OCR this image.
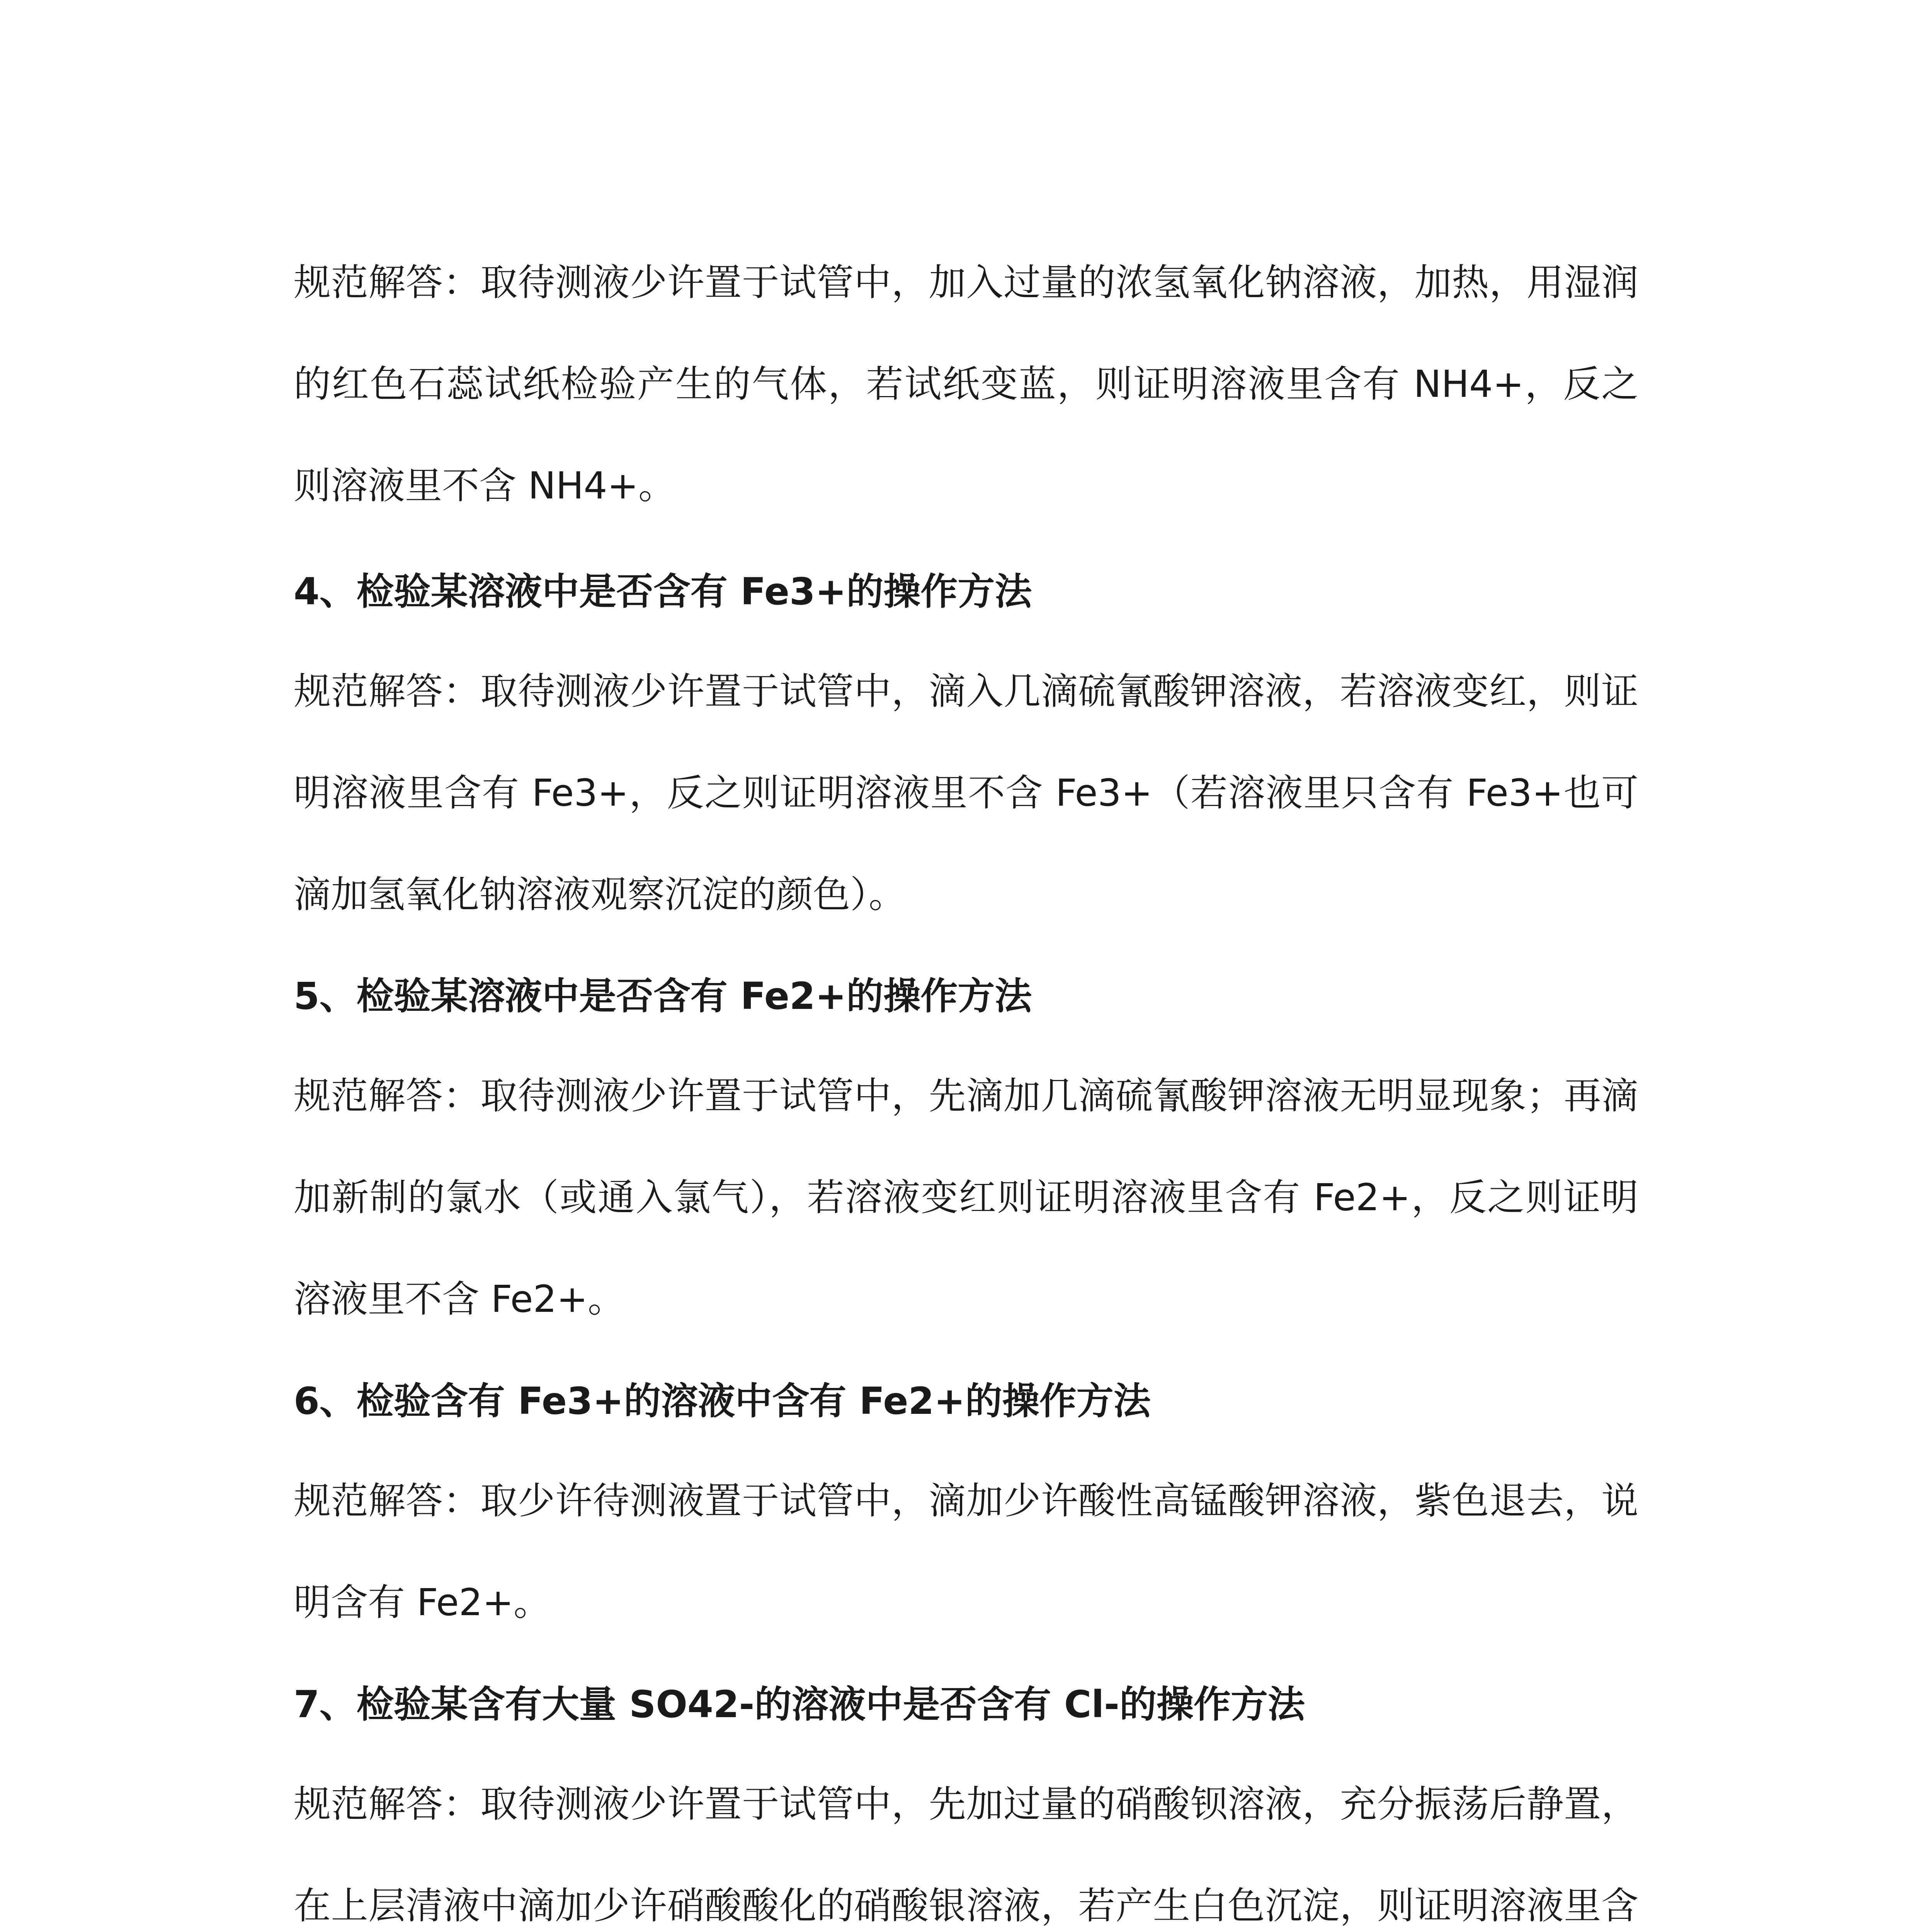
规范解答：取待测液少许置于试管中，加入过量的浓氢氧化钠溶液，加热，用湿润的红色石蕊试纸检验产生的气体，若试纸变蓝，则证明溶液里含有 NH4+，反之则溶液里不含 NH4+。

4、检验某溶液中是否含有 Fe3+的操作方法

规范解答：取待测液少许置于试管中，滴入几滴硫氰酸钾溶液，若溶液变红，则证明溶液里含有 Fe3+，反之则证明溶液里不含 Fe3+（若溶液里只含有 Fe3+也可滴加氢氧化钠溶液观察沉淀的颜色）。

5、检验某溶液中是否含有 Fe2+的操作方法

规范解答：取待测液少许置于试管中，先滴加几滴硫氰酸钾溶液无明显现象；再滴加新制的氯水（或通入氯气），若溶液变红则证明溶液里含有 Fe2+，反之则证明溶液里不含 Fe2+。

6、检验含有 Fe3+的溶液中含有 Fe2+的操作方法

规范解答：取少许待测液置于试管中，滴加少许酸性高锰酸钾溶液，紫色退去，说明含有 Fe2+。

7、检验某含有大量 SO42-的溶液中是否含有 Cl-的操作方法

规范解答：取待测液少许置于试管中，先加过量的硝酸钡溶液，充分振荡后静置，在上层清液中滴加少许硝酸酸化的硝酸银溶液，若产生白色沉淀，则证明溶液里含
